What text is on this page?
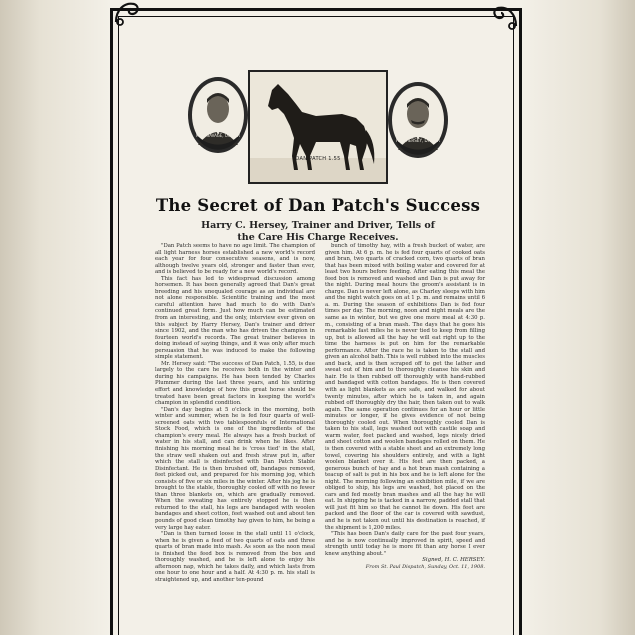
M.W. SAVAGE, OWNER
DAN PATCH 1.55
H.C. HERSEY, DRIVER
The Secret of Dan Patch's Success
Harry C. Hersey, Trainer and Driver, Tells of
the Care His Charge Receives.

"Dan Patch seems to have no age limit. The champion of all light harness horses established a new world's record each year for four consecutive seasons, and is now, although twelve years old, stronger and faster than ever, and is believed to be ready for a new world's record.

This fact has led to widespread discussion among horsemen. It has been generally agreed that Dan's great breeding and his unequaled courage as an individual are not alone responsible. Scientific training and the most careful attention have had much to do with Dan's continued great form. Just how much can be estimated from an interesting, and the only, interview ever given on this subject by Harry Hersey, Dan's trainer and driver since 1902, and the man who has driven the champion in fourteen world's records. The great trainer believes in doing instead of saying things, and it was only after much persuasion that he was induced to make the following simple statement.

Mr. Hersey said: "The success of Dan Patch, 1.55, is due largely to the care he receives both in the winter and during his campaigns. He has been tended by Charles Plummer during the last three years, and his untiring effort and knowledge of how this great horse should be treated have been great factors in keeping the world's champion in splendid condition.

"Dan's day begins at 5 o'clock in the morning, both winter and summer, when he is fed four quarts of well-screened oats with two tablespoonfuls of International Stock Food, which is one of the ingredients of the champion's every meal. He always has a fresh bucket of water in his stall, and can drink when he likes. After finishing his morning meal he is 'cross tied' in the stall, the straw well shaken out and fresh straw put in, after which the stall is disinfected with Dan Patch Stable Disinfectant. He is then brushed off, bandages removed, feet picked out, and prepared for his morning jog, which consists of five or six miles in the winter. After his jog he is brought to the stable, thoroughly cooled off with no fewer than three blankets on, which are gradually removed. When the sweating has entirely stopped he is then returned to the stall, his legs are bandaged with woolen bandages and sheet cotton, feet washed out and about ten pounds of good clean timothy hay given to him, he being a very large hay eater.

"Dan is then turned loose in the stall until 11 o'clock, when he is given a feed of two quarts of oats and three quarts of bran made into mash. As soon as the noon meal is finished the feed box is removed from the box and thoroughly washed, and he is left alone to enjoy his afternoon nap, which he takes daily, and which lasts from one hour to one hour and a half. At 4:30 p. m. his stall is straightened up, and another ten-pound

bunch of timothy hay, with a fresh bucket of water, are given him. At 6 p. m. he is fed four quarts of cooked oats and bran, two quarts of cracked corn, two quarts of bran that has been mixed with boiling water and covered for at least two hours before feeding. After eating this meal the feed box is removed and washed and Dan is put away for the night. During meal hours the groom's assistant is in charge. Dan is never left alone, as Charley sleeps with him and the night watch goes on at 1 p. m. and remains until 6 a. m. During the season of exhibitions Dan is fed four times per day. The morning, noon and night meals are the same as in winter, but we give one more meal at 4:30 p. m., consisting of a bran mash. The days that he goes his remarkable fast miles he is never tied to keep from filling up, but is allowed all the hay he will eat right up to the time the harness is put on him for the remarkable performance. After the race he is taken to the stall and given an alcohol bath. This is well rubbed into the muscles and back, and is then scraped off to get the lather and sweat out of him and to thoroughly cleanse his skin and hair. He is then rubbed off thoroughly with hand-rubbed and bandaged with cotton bandages. He is then covered with as light blankets as are safe, and walked for about twenty minutes, after which he is taken in, and again rubbed off thoroughly dry the hair, then taken out to walk again. The same operation continues for an hour or little minutes or longer, if he gives evidence of not being thoroughly cooled out. When thoroughly cooled Dan is taken to his stall, legs washed out with castile soap and warm water, feet packed and washed, legs nicely dried and sheet cotton and woolen bandages rolled on them. He is then covered with a stable sheet and an extremely long towel, covering his shoulders entirely, and with a light woolen blanket over it. His feet are then packed, a generous bunch of hay and a hot bran mash containing a teacup of salt is put in his box and he is left alone for the night. The morning following an exhibition mile, if we are obliged to ship, his legs are washed, hot placed on the cars and fed mostly bran mashes and all the hay he will eat. In shipping he is tacked in a narrow, padded stall that will just fit him so that he cannot lie down. His feet are packed and the floor of the car is covered with sawdust, and he is not taken out until his destination is reached, if the shipment is 1,200 miles.

"This has been Dan's daily care for the past four years, and he is now continually improved in spirit, speed and strength until today he is more fit than any horse I ever knew anything about."

Signed, H. C. HERSEY.

From St. Paul Dispatch, Sunday, Oct. 11, 1908.
